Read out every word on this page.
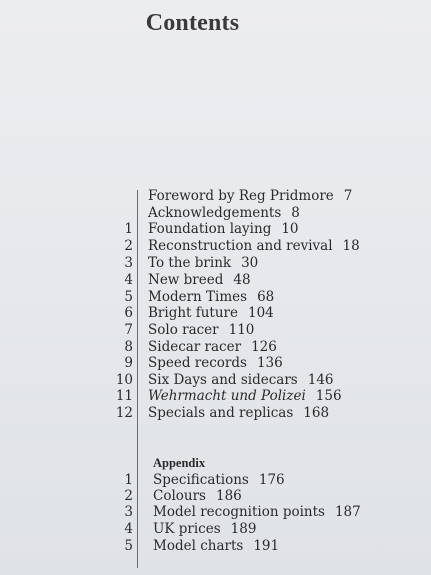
Contents
Foreword by Reg Pridmore 7
Acknowledgements 8
1 Foundation laying 10
2 Reconstruction and revival 18
3 To the brink 30
4 New breed 48
5 Modern Times 68
6 Bright future 104
7 Solo racer 110
8 Sidecar racer 126
9 Speed records 136
10 Six Days and sidecars 146
11 Wehrmacht und Polizei 156
12 Specials and replicas 168
Appendix
1 Specifications 176
2 Colours 186
3 Model recognition points 187
4 UK prices 189
5 Model charts 191
